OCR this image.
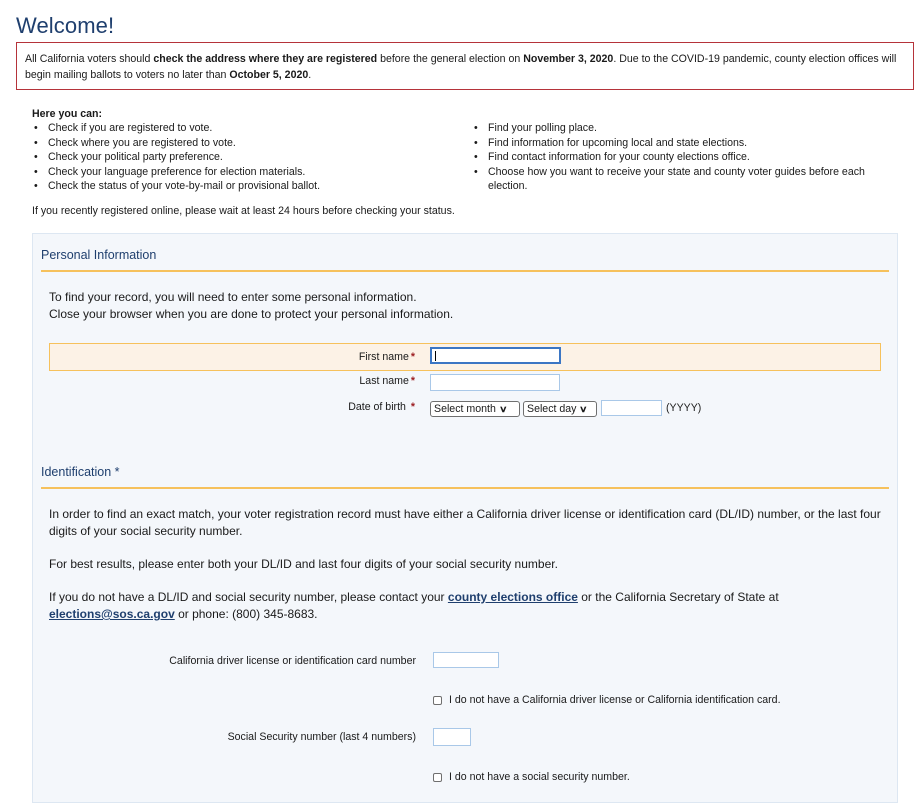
Welcome!
All California voters should check the address where they are registered before the general election on November 3, 2020. Due to the COVID-19 pandemic, county election offices will begin mailing ballots to voters no later than October 5, 2020.
Here you can:
• Check if you are registered to vote.
• Check where you are registered to vote.
• Check your political party preference.
• Check your language preference for election materials.
• Check the status of your vote-by-mail or provisional ballot.
• Find your polling place.
• Find information for upcoming local and state elections.
• Find contact information for your county elections office.
• Choose how you want to receive your state and county voter guides before each election.
If you recently registered online, please wait at least 24 hours before checking your status.
Personal Information
To find your record, you will need to enter some personal information.
Close your browser when you are done to protect your personal information.
First name *
Last name *
Date of birth *	Select month ∨	Select day ∨	(YYYY)
Identification *
In order to find an exact match, your voter registration record must have either a California driver license or identification card (DL/ID) number, or the last four digits of your social security number.
For best results, please enter both your DL/ID and last four digits of your social security number.
If you do not have a DL/ID and social security number, please contact your county elections office or the California Secretary of State at elections@sos.ca.gov or phone: (800) 345-8683.
California driver license or identification card number
I do not have a California driver license or California identification card.
Social Security number (last 4 numbers)
I do not have a social security number.
